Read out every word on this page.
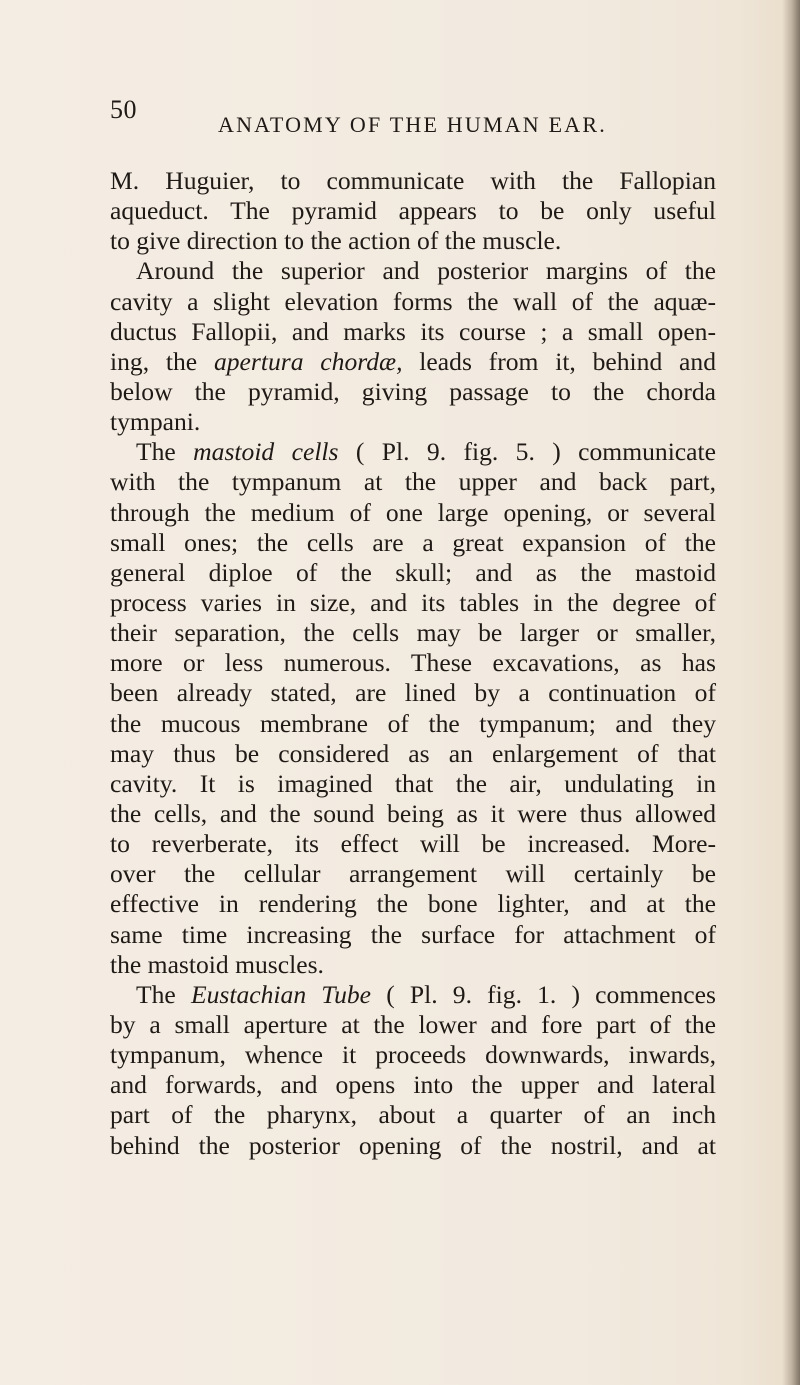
50
ANATOMY OF THE HUMAN EAR.
M. Huguier, to communicate with the Fallopian
aqueduct. The pyramid appears to be only useful
to give direction to the action of the muscle.
Around the superior and posterior margins of the
cavity a slight elevation forms the wall of the aquæ-
ductus Fallopii, and marks its course ; a small open-
ing, the apertura chordæ, leads from it, behind and
below the pyramid, giving passage to the chorda
tympani.
The mastoid cells ( Pl. 9. fig. 5. ) communicate
with the tympanum at the upper and back part,
through the medium of one large opening, or several
small ones; the cells are a great expansion of the
general diploe of the skull; and as the mastoid
process varies in size, and its tables in the degree of
their separation, the cells may be larger or smaller,
more or less numerous. These excavations, as has
been already stated, are lined by a continuation of
the mucous membrane of the tympanum; and they
may thus be considered as an enlargement of that
cavity. It is imagined that the air, undulating in
the cells, and the sound being as it were thus allowed
to reverberate, its effect will be increased. More-
over the cellular arrangement will certainly be
effective in rendering the bone lighter, and at the
same time increasing the surface for attachment of
the mastoid muscles.
The Eustachian Tube ( Pl. 9. fig. 1. ) commences
by a small aperture at the lower and fore part of the
tympanum, whence it proceeds downwards, inwards,
and forwards, and opens into the upper and lateral
part of the pharynx, about a quarter of an inch
behind the posterior opening of the nostril, and at
